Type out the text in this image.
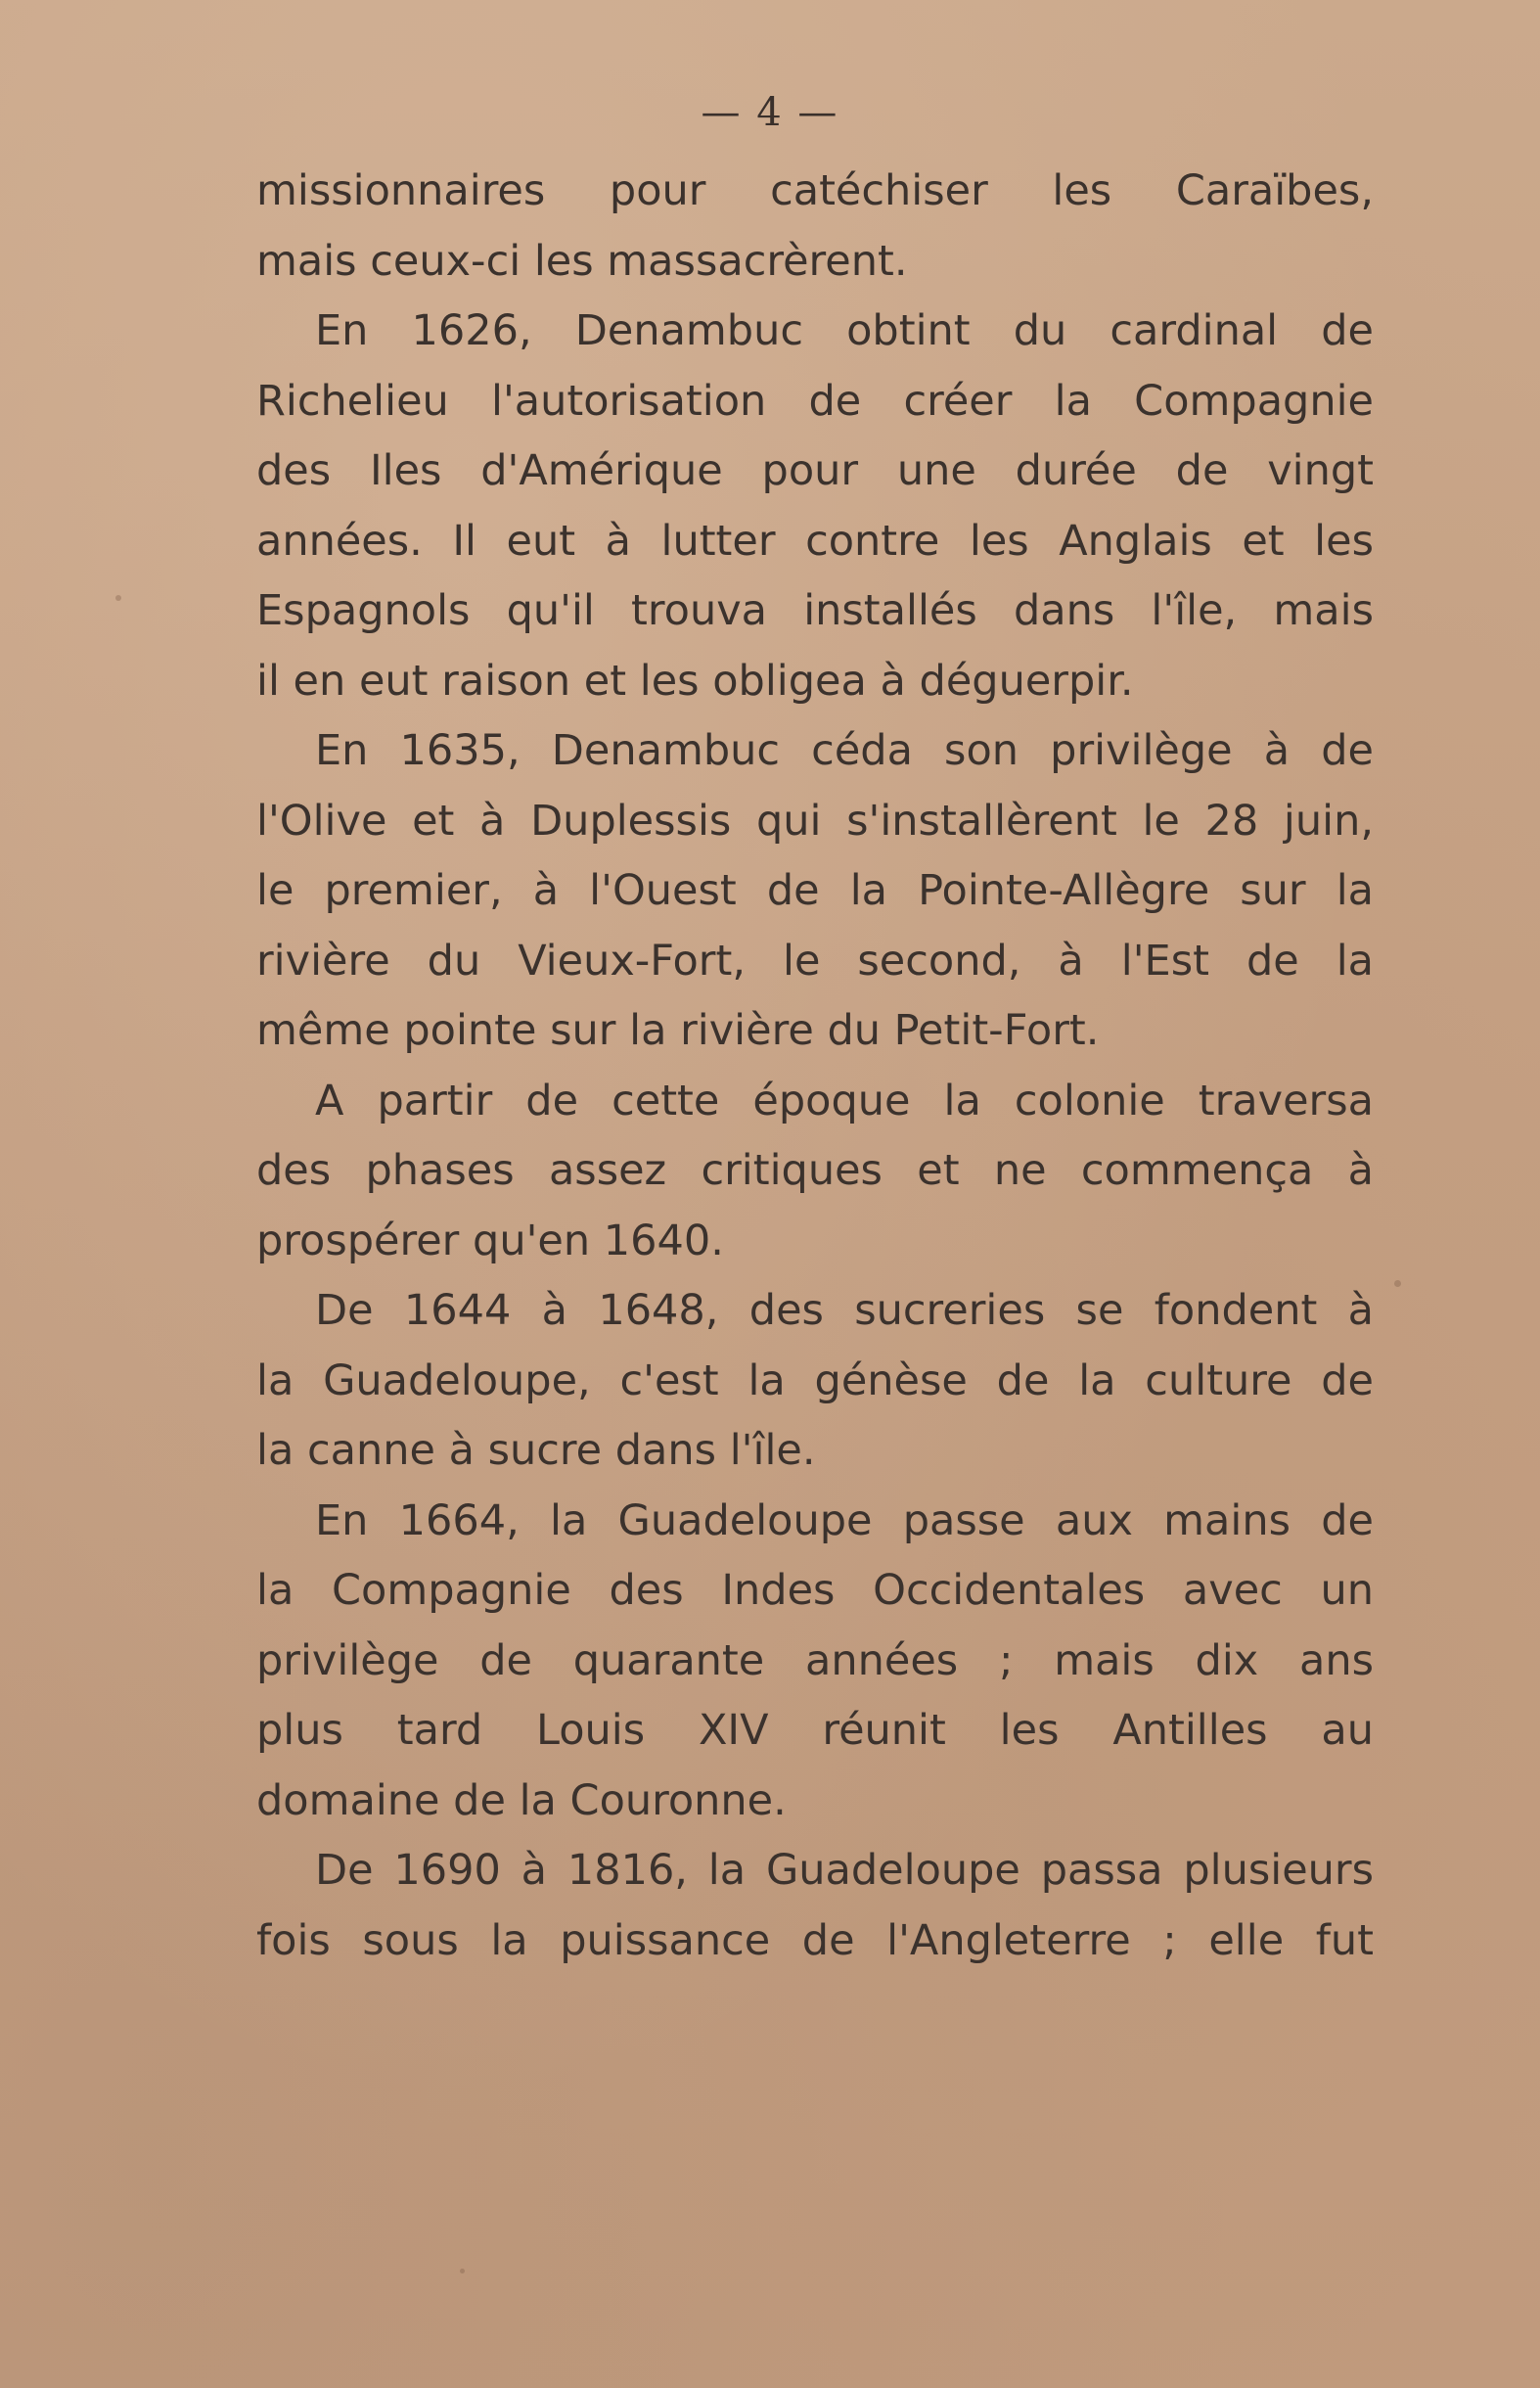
— 4 —
missionnaires pour catéchiser les Caraïbes,
mais ceux-ci les massacrèrent.
En 1626, Denambuc obtint du cardinal de
Richelieu l'autorisation de créer la Compagnie
des Iles d'Amérique pour une durée de vingt
années. Il eut à lutter contre les Anglais et les
Espagnols qu'il trouva installés dans l'île, mais
il en eut raison et les obligea à déguerpir.
En 1635, Denambuc céda son privilège à de
l'Olive et à Duplessis qui s'installèrent le 28 juin,
le premier, à l'Ouest de la Pointe-Allègre sur la
rivière du Vieux-Fort, le second, à l'Est de la
même pointe sur la rivière du Petit-Fort.
A partir de cette époque la colonie traversa
des phases assez critiques et ne commença à
prospérer qu'en 1640.
De 1644 à 1648, des sucreries se fondent à
la Guadeloupe, c'est la génèse de la culture de
la canne à sucre dans l'île.
En 1664, la Guadeloupe passe aux mains de
la Compagnie des Indes Occidentales avec un
privilège de quarante années ; mais dix ans
plus tard Louis XIV réunit les Antilles au
domaine de la Couronne.
De 1690 à 1816, la Guadeloupe passa plusieurs
fois sous la puissance de l'Angleterre ; elle fut
